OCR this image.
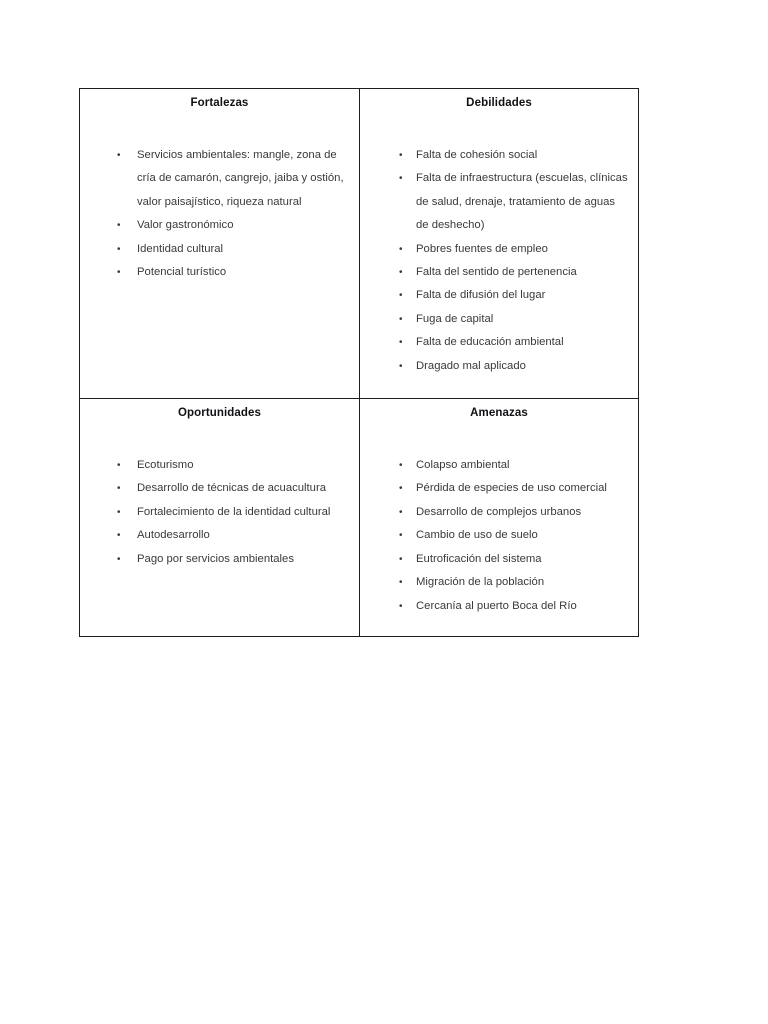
Fortalezas

• Servicios ambientales: mangle, zona de cría de camarón, cangrejo, jaiba y ostión, valor paisajístico, riqueza natural
• Valor gastronómico
• Identidad cultural
• Potencial turístico

Debilidades

• Falta de cohesión social
• Falta de infraestructura (escuelas, clínicas de salud, drenaje, tratamiento de aguas de deshecho)
• Pobres fuentes de empleo
• Falta del sentido de pertenencia
• Falta de difusión del lugar
• Fuga de capital
• Falta de educación ambiental
• Dragado mal aplicado

Oportunidades

• Ecoturismo
• Desarrollo de técnicas de acuacultura
• Fortalecimiento de la identidad cultural
• Autodesarrollo
• Pago por servicios ambientales

Amenazas

• Colapso ambiental
• Pérdida de especies de uso comercial
• Desarrollo de complejos urbanos
• Cambio de uso de suelo
• Eutroficación del sistema
• Migración de la población
• Cercanía al puerto Boca del Río
